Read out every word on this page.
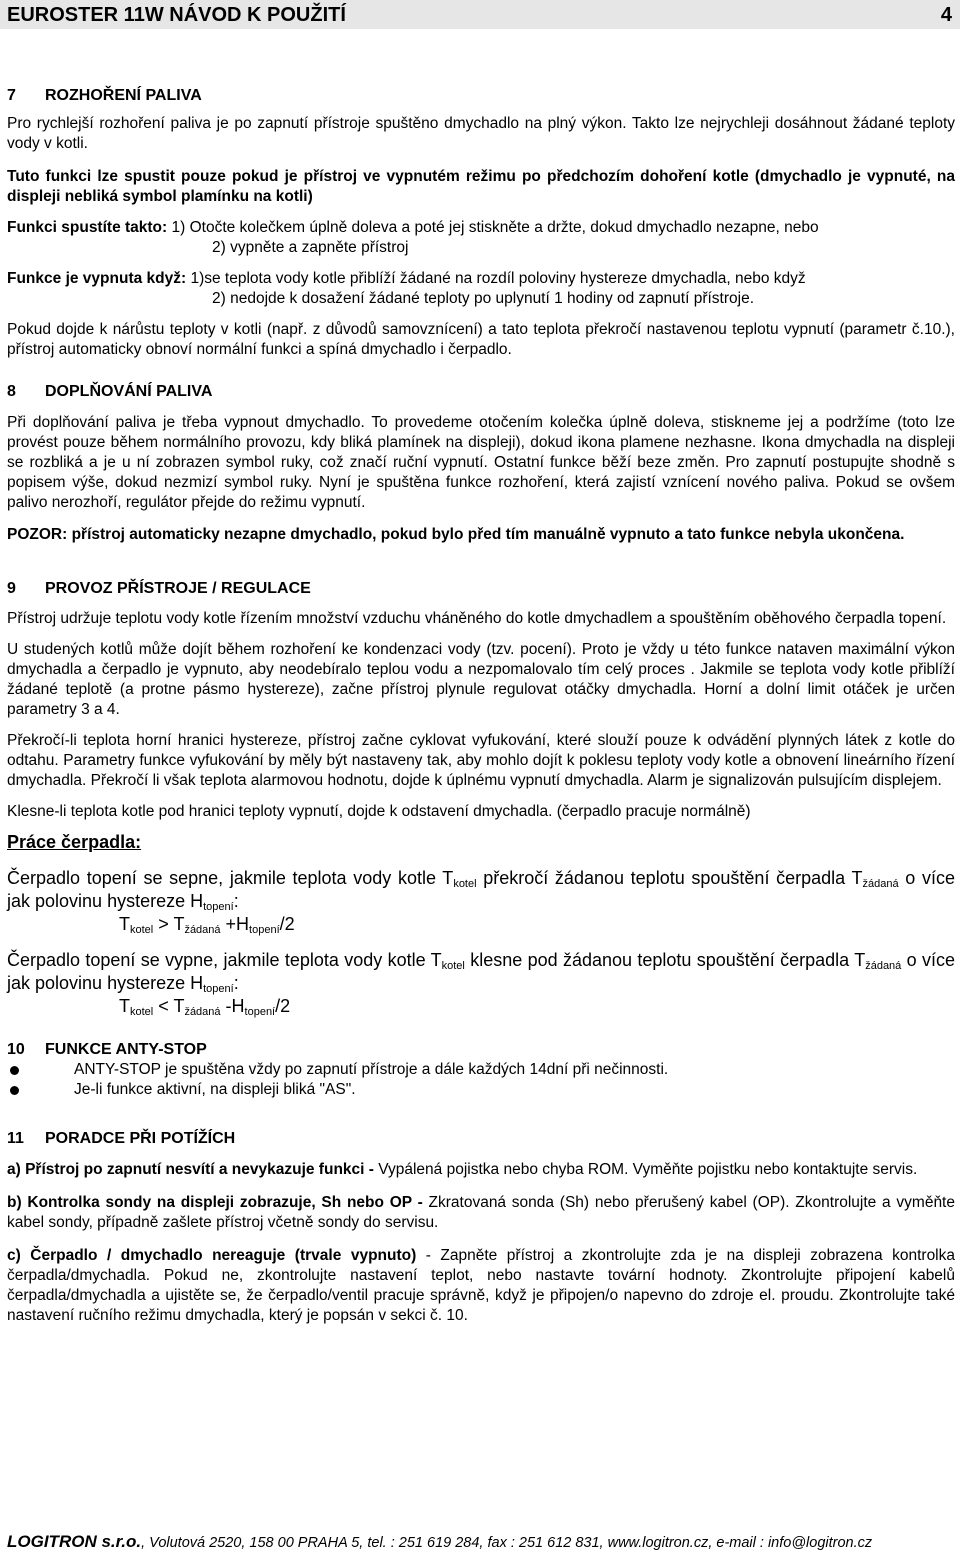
EUROSTER 11W NÁVOD K POUŽITÍ	4

7 ROZHOŘENÍ PALIVA

Pro rychlejší rozhoření paliva je po zapnutí přístroje spuštěno dmychadlo na plný výkon. Takto lze nejrychleji dosáhnout žádané teploty vody v kotli.

Tuto funkci lze spustit pouze pokud je přístroj ve vypnutém režimu po předchozím dohoření kotle (dmychadlo je vypnuté, na displeji nebliká symbol plamínku na kotli)

Funkci spustíte takto: 1) Otočte kolečkem úplně doleva a poté jej stiskněte a držte, dokud dmychadlo nezapne, nebo

2) vypněte a zapněte přístroj

Funkce je vypnuta když: 1)se teplota vody kotle přiblíží žádané na rozdíl poloviny hystereze dmychadla, nebo když

2) nedojde k dosažení žádané teploty po uplynutí 1 hodiny od zapnutí přístroje.

Pokud dojde k nárůstu teploty v kotli (např. z důvodů samovznícení) a tato teplota překročí nastavenou teplotu vypnutí (parametr č.10.), přístroj automaticky obnoví normální funkci a spíná dmychadlo i čerpadlo.

8 DOPLŇOVÁNÍ PALIVA

Při doplňování paliva je třeba vypnout dmychadlo. To provedeme otočením kolečka úplně doleva, stiskneme jej a podržíme (toto lze provést pouze během normálního provozu, kdy bliká plamínek na displeji), dokud ikona plamene nezhasne. Ikona dmychadla na displeji se rozbliká a je u ní zobrazen symbol ruky, což značí ruční vypnutí. Ostatní funkce běží beze změn. Pro zapnutí postupujte shodně s popisem výše, dokud nezmizí symbol ruky. Nyní je spuštěna funkce rozhoření, která zajistí vznícení nového paliva. Pokud se ovšem palivo nerozhoří, regulátor přejde do režimu vypnutí.

POZOR: přístroj automaticky nezapne dmychadlo, pokud bylo před tím manuálně vypnuto a tato funkce nebyla ukončena.

9 PROVOZ PŘÍSTROJE / REGULACE

Přístroj udržuje teplotu vody kotle řízením množství vzduchu vháněného do kotle dmychadlem a spouštěním oběhového čerpadla topení.

U studených kotlů může dojít během rozhoření ke kondenzaci vody (tzv. pocení). Proto je vždy u této funkce nataven maximální výkon dmychadla a čerpadlo je vypnuto, aby neodebíralo teplou vodu a nezpomalovalo tím celý proces . Jakmile se teplota vody kotle přiblíží žádané teplotě (a protne pásmo hystereze), začne přístroj plynule regulovat otáčky dmychadla. Horní a dolní limit otáček je určen parametry 3 a 4.

Překročí-li teplota horní hranici hystereze, přístroj začne cyklovat vyfukování, které slouží pouze k odvádění plynných látek z kotle do odtahu. Parametry funkce vyfukování by měly být nastaveny tak, aby mohlo dojít k poklesu teploty vody kotle a obnovení lineárního řízení dmychadla. Překročí li však teplota alarmovou hodnotu, dojde k úplnému vypnutí dmychadla. Alarm je signalizován pulsujícím displejem.

Klesne-li teplota kotle pod hranici teploty vypnutí, dojde k odstavení dmychadla. (čerpadlo pracuje normálně)

Práce čerpadla:

Čerpadlo topení se sepne, jakmile teplota vody kotle $T_{kotel}$ překročí žádanou teplotu spouštění čerpadla $T_{žádaná}$ o více jak polovinu hystereze $H_{topení}$:

$T_{kotel} > T_{žádaná} +H_{topení}/2$

Čerpadlo topení se vypne, jakmile teplota vody kotle $T_{kotel}$ klesne pod žádanou teplotu spouštění čerpadla $T_{žádaná}$ o více jak polovinu hystereze $H_{topení}$:

$T_{kotel} < T_{žádaná}$ $-H_{topení}/2$

10 FUNKCE ANTY-STOP

ANTY-STOP je spuštěna vždy po zapnutí přístroje a dále každých 14dní při nečinnosti.
Je-li funkce aktivní, na displeji bliká "AS".

11 PORADCE PŘI POTÍŽÍCH

a) Přístroj po zapnutí nesvítí a nevykazuje funkci - Vypálená pojistka nebo chyba ROM. Vyměňte pojistku nebo kontaktujte servis.

b) Kontrolka sondy na displeji zobrazuje, Sh nebo OP - Zkratovaná sonda (Sh) nebo přerušený kabel (OP). Zkontrolujte a vyměňte kabel sondy, případně zašlete přístroj včetně sondy do servisu.

c) Čerpadlo / dmychadlo nereaguje (trvale vypnuto) - Zapněte přístroj a zkontrolujte zda je na displeji zobrazena kontrolka čerpadla/dmychadla. Pokud ne, zkontrolujte nastavení teplot, nebo nastavte tovární hodnoty. Zkontrolujte připojení kabelů čerpadla/dmychadla a ujistěte se, že čerpadlo/ventil pracuje správně, když je připojen/o napevno do zdroje el. proudu. Zkontrolujte také nastavení ručního režimu dmychadla, který je popsán v sekci č. 10.

LOGITRON s.r.o., Volutová 2520, 158 00 PRAHA 5, tel. : 251 619 284, fax : 251 612 831, www.logitron.cz, e-mail : info@logitron.cz
